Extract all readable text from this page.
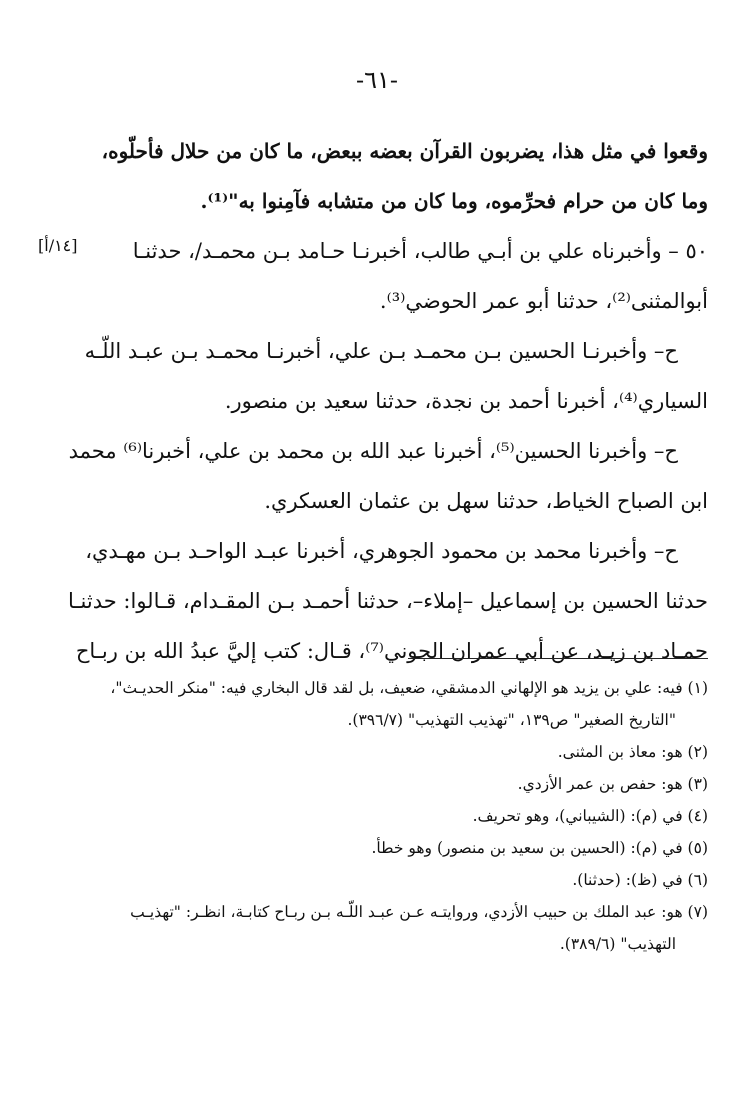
-٦١-
[١٤/أ]
وقعوا في مثل هذا، يضربون القرآن بعضه ببعض، ما كان من حلال فأحلّوه،
وما كان من حرام فحرِّموه، وما كان من متشابه فآمِنوا به"⁽¹⁾.
٥٠ – وأخبرناه علي بن أبـي طالب، أخبرنـا حـامد بـن محمـد/، حدثنـا
أبوالمثنى⁽²⁾، حدثنا أبو عمر الحوضي⁽³⁾.
ح– وأخبرنـا الحسين بـن محمـد بـن علي، أخبرنـا محمـد بـن عبـد اللّـه
السياري⁽⁴⁾، أخبرنا أحمد بن نجدة، حدثنا سعيد بن منصور.
ح– وأخبرنا الحسين⁽⁵⁾، أخبرنا عبد الله بن محمد بن علي، أخبرنا⁽⁶⁾ محمد
ابن الصباح الخياط، حدثنا سهل بن عثمان العسكري.
ح– وأخبرنا محمد بن محمود الجوهري، أخبرنا عبـد الواحـد بـن مهـدي،
حدثنا الحسين بن إسماعيل –إملاء–، حدثنا أحمـد بـن المقـدام، قـالوا: حدثنـا
حمـاد بن زيـد، عن أبي عمران الجوني⁽⁷⁾، قـال: كتب إليَّ عبدُ الله بن ربـاح

(١) فيه: علي بن يزيد هو الإلهاني الدمشقي، ضعيف، بل لقد قال البخاري فيه: "منكر الحديـث"،
"التاريخ الصغير" ص١٣٩، "تهذيب التهذيب" (٣٩٦/٧).

(٢) هو: معاذ بن المثنى.

(٣) هو: حفص بن عمر الأزدي.

(٤) في (م): (الشيباني)، وهو تحريف.

(٥) في (م): (الحسين بن سعيد بن منصور) وهو خطأ.

(٦) في (ظ): (حدثنا).

(٧) هو: عبد الملك بن حبيب الأزدي، وروايتـه عـن عبـد اللّـه بـن ربـاح كتابـة، انظـر: "تهذيـب
التهذيب" (٣٨٩/٦).
